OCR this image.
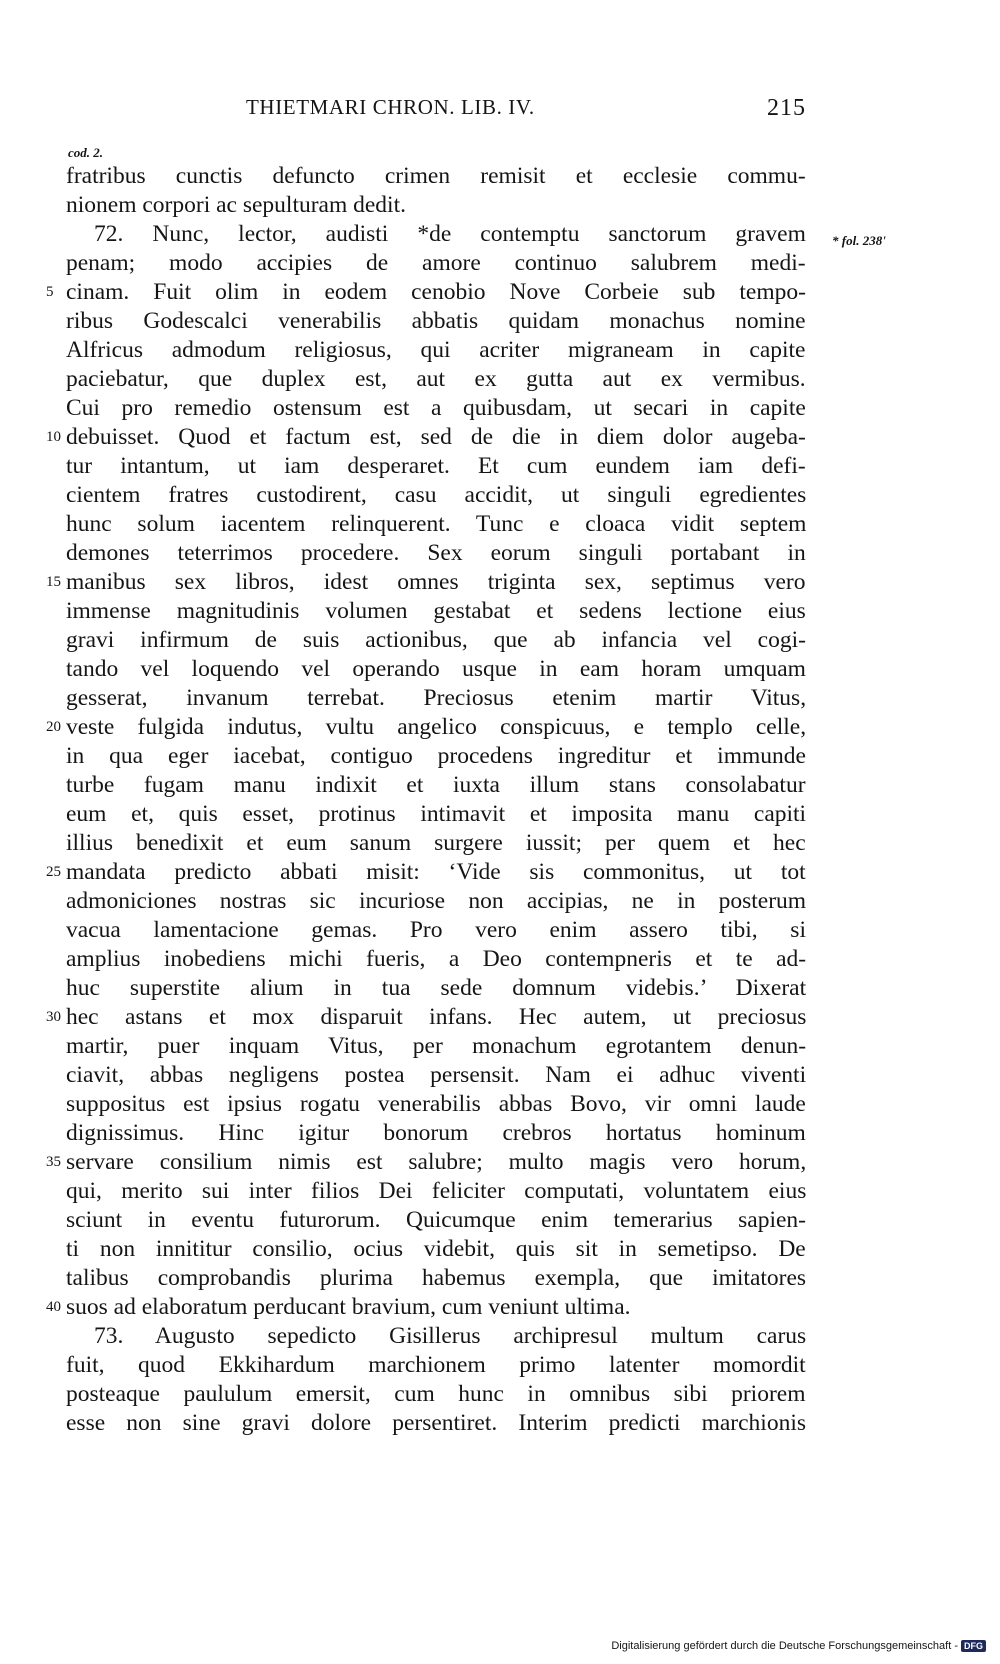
THIETMARI CHRON. LIB. IV.	215
cod. 2.
* fol. 238'
fratribus cunctis defuncto crimen remisit et ecclesie commu-
nionem corpori ac sepulturam dedit.
72. Nunc, lector, audisti *de contemptu sanctorum gravem
penam; modo accipies de amore continuo salubrem medi-
5 cinam. Fuit olim in eodem cenobio Nove Corbeie sub tempo-
ribus Godescalci venerabilis abbatis quidam monachus nomine
Alfricus admodum religiosus, qui acriter migraneam in capite
paciebatur, que duplex est, aut ex gutta aut ex vermibus.
Cui pro remedio ostensum est a quibusdam, ut secari in capite
10 debuisset. Quod et factum est, sed de die in diem dolor augeba-
tur intantum, ut iam desperaret. Et cum eundem iam defi-
cientem fratres custodirent, casu accidit, ut singuli egredientes
hunc solum iacentem relinquerent. Tunc e cloaca vidit septem
demones teterrimos procedere. Sex eorum singuli portabant in
15 manibus sex libros, idest omnes triginta sex, septimus vero
immense magnitudinis volumen gestabat et sedens lectione eius
gravi infirmum de suis actionibus, que ab infancia vel cogi-
tando vel loquendo vel operando usque in eam horam umquam
gesserat, invanum terrebat. Preciosus etenim martir Vitus,
20 veste fulgida indutus, vultu angelico conspicuus, e templo celle,
in qua eger iacebat, contiguo procedens ingreditur et immunde
turbe fugam manu indixit et iuxta illum stans consolabatur
eum et, quis esset, protinus intimavit et imposita manu capiti
illius benedixit et eum sanum surgere iussit; per quem et hec
25 mandata predicto abbati misit: ‘Vide sis commonitus, ut tot
admoniciones nostras sic incuriose non accipias, ne in posterum
vacua lamentacione gemas. Pro vero enim assero tibi, si
amplius inobediens michi fueris, a Deo contempneris et te ad-
huc superstite alium in tua sede domnum videbis.’ Dixerat
30 hec astans et mox disparuit infans. Hec autem, ut preciosus
martir, puer inquam Vitus, per monachum egrotantem denun-
ciavit, abbas negligens postea persensit. Nam ei adhuc viventi
suppositus est ipsius rogatu venerabilis abbas Bovo, vir omni laude
dignissimus. Hinc igitur bonorum crebros hortatus hominum
35 servare consilium nimis est salubre; multo magis vero horum,
qui, merito sui inter filios Dei feliciter computati, voluntatem eius
sciunt in eventu futurorum. Quicumque enim temerarius sapien-
ti non innititur consilio, ocius videbit, quis sit in semetipso. De
talibus comprobandis plurima habemus exempla, que imitatores
40 suos ad elaboratum perducant bravium, cum veniunt ultima.
73. Augusto sepedicto Gisillerus archipresul multum carus
fuit, quod Ekkihardum marchionem primo latenter momordit
posteaque paululum emersit, cum hunc in omnibus sibi priorem
esse non sine gravi dolore persentiret. Interim predicti marchionis
Digitalisierung gefördert durch die Deutsche Forschungsgemeinschaft - DFG
